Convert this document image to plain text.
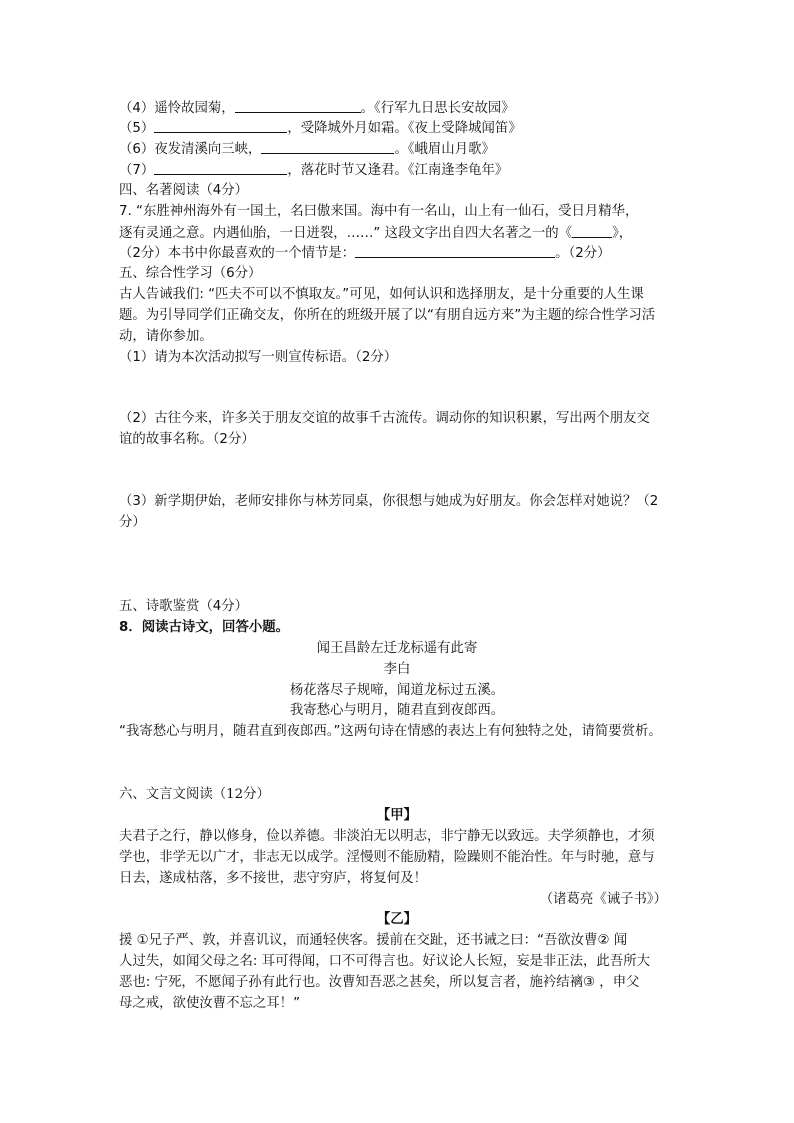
（4）遥怜故园菊，	。《行军九日思长安故园》
（5）	，受降城外月如霜。《夜上受降城闻笛》
（6）夜发清溪向三峡，	。《峨眉山月歌》
（7）	，落花时节又逢君。《江南逢李龟年》
四、名著阅读（4分）
7. “东胜神州海外有一国土，名曰傲来国。海中有一名山，山上有一仙石，受日月精华，
逐有灵通之意。内遇仙胎，一日迸裂，……” 这段文字出自四大名著之一的《	》，
（2分）本书中你最喜欢的一个情节是：	。（2分）
五、综合性学习（6分）
古人告诫我们: “匹夫不可以不慎取友。”可见，如何认识和选择朋友，是十分重要的人生课
题。为引导同学们正确交友，你所在的班级开展了以“有朋自远方来”为主题的综合性学习活
动，请你参加。
（1）请为本次活动拟写一则宣传标语。（2分）
（2）古往今来，许多关于朋友交谊的故事千古流传。调动你的知识积累，写出两个朋友交
谊的故事名称。（2分）
（3）新学期伊始，老师安排你与林芳同桌，你很想与她成为好朋友。你会怎样对她说？（2
分）
五、诗歌鉴赏（4分）
8．阅读古诗文，回答小题。
闻王昌龄左迁龙标遥有此寄
李白
杨花落尽子规啼，闻道龙标过五溪。
我寄愁心与明月，随君直到夜郎西。
“我寄愁心与明月，随君直到夜郎西。”这两句诗在情感的表达上有何独特之处，请简要赏析。
六、文言文阅读（12分）
【甲】
夫君子之行，静以修身，俭以养德。非淡泊无以明志，非宁静无以致远。夫学须静也，才须
学也，非学无以广才，非志无以成学。淫慢则不能励精，险躁则不能治性。年与时驰，意与
日去，遂成枯落，多不接世，悲守穷庐，将复何及！
（诸葛亮《诫子书》）
【乙】
援 ①兄子严、敦，并喜讥议，而通轻侠客。援前在交趾，还书诫之曰：“吾欲汝曹② 闻
人过失，如闻父母之名: 耳可得闻，口不可得言也。好议论人长短，妄是非正法，此吾所大
恶也: 宁死，不愿闻子孙有此行也。汝曹知吾恶之甚矣，所以复言者，施衿结褵③ ，申父
母之戒，欲使汝曹不忘之耳！”
